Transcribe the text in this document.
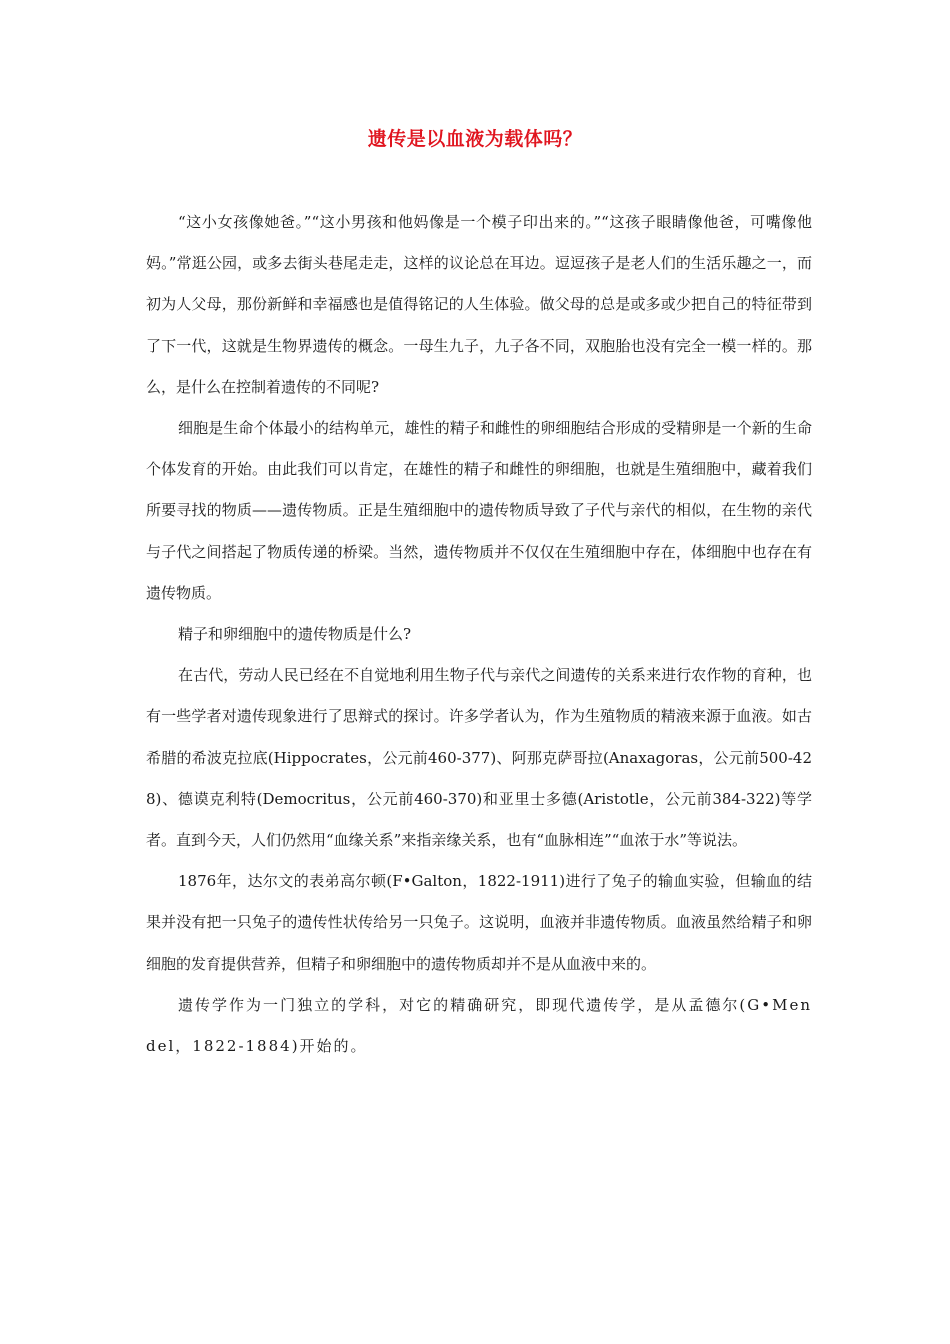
遗传是以血液为载体吗？

“这小女孩像她爸。”“这小男孩和他妈像是一个模子印出来的。”“这孩子眼睛像他爸，可嘴像他妈。”常逛公园，或多去街头巷尾走走，这样的议论总在耳边。逗逗孩子是老人们的生活乐趣之一，而初为人父母，那份新鲜和幸福感也是值得铭记的人生体验。做父母的总是或多或少把自己的特征带到了下一代，这就是生物界遗传的概念。一母生九子，九子各不同，双胞胎也没有完全一模一样的。那么，是什么在控制着遗传的不同呢?

细胞是生命个体最小的结构单元，雄性的精子和雌性的卵细胞结合形成的受精卵是一个新的生命个体发育的开始。由此我们可以肯定，在雄性的精子和雌性的卵细胞，也就是生殖细胞中，藏着我们所要寻找的物质——遗传物质。正是生殖细胞中的遗传物质导致了子代与亲代的相似，在生物的亲代与子代之间搭起了物质传递的桥梁。当然，遗传物质并不仅仅在生殖细胞中存在，体细胞中也存在有遗传物质。

精子和卵细胞中的遗传物质是什么?

在古代，劳动人民已经在不自觉地利用生物子代与亲代之间遗传的关系来进行农作物的育种，也有一些学者对遗传现象进行了思辩式的探讨。许多学者认为，作为生殖物质的精液来源于血液。如古希腊的希波克拉底(Hippocrates，公元前460-377)、阿那克萨哥拉(Anaxagoras，公元前500-428)、德谟克利特(Democritus，公元前460-370)和亚里士多德(Aristotle，公元前384-322)等学者。直到今天，人们仍然用“血缘关系”来指亲缘关系，也有“血脉相连”“血浓于水”等说法。

1876年，达尔文的表弟高尔顿(F•Galton，1822-1911)进行了兔子的输血实验，但输血的结果并没有把一只兔子的遗传性状传给另一只兔子。这说明，血液并非遗传物质。血液虽然给精子和卵细胞的发育提供营养，但精子和卵细胞中的遗传物质却并不是从血液中来的。

遗传学作为一门独立的学科，对它的精确研究，即现代遗传学，是从孟德尔(G•Mendel，1822-1884)开始的。
